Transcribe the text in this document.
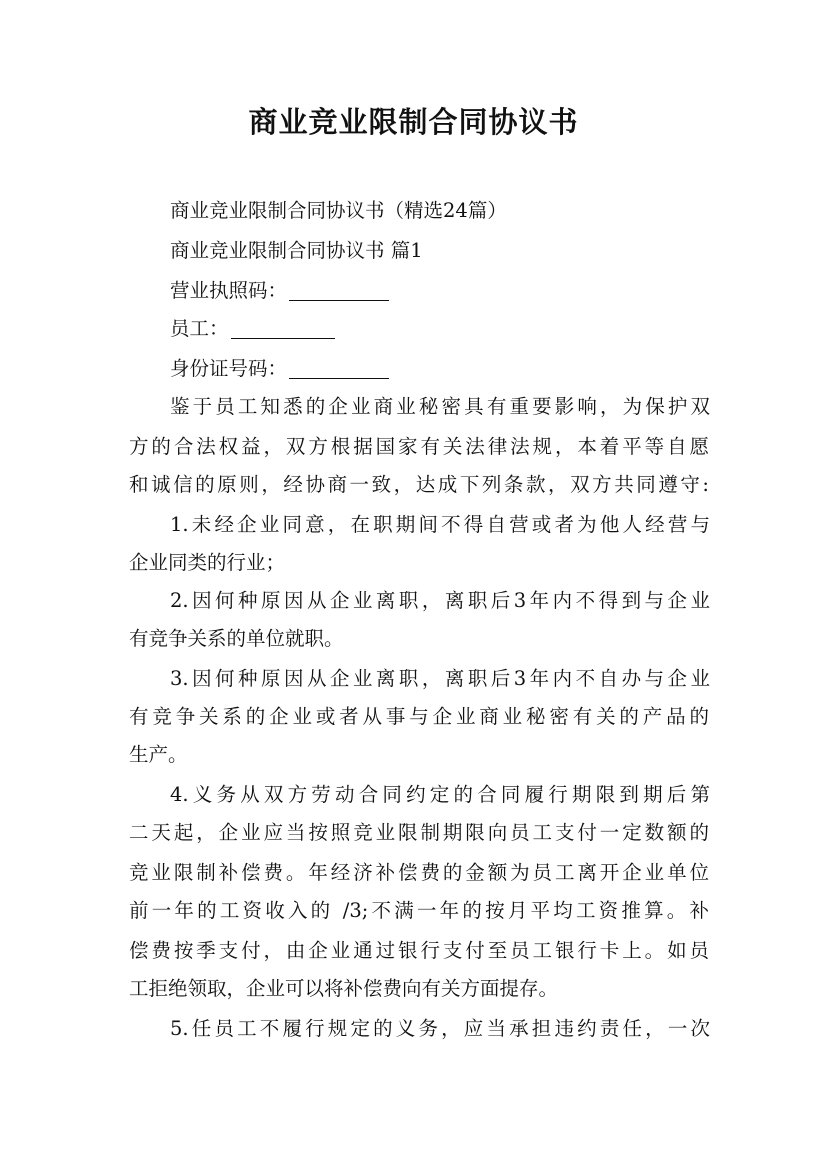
商业竞业限制合同协议书
商业竞业限制合同协议书（精选24篇）
商业竞业限制合同协议书 篇1
营业执照码：
员工：
身份证号码：
鉴于员工知悉的企业商业秘密具有重要影响，为保护双
方的合法权益，双方根据国家有关法律法规，本着平等自愿
和诚信的原则，经协商一致，达成下列条款，双方共同遵守:
1.未经企业同意，在职期间不得自营或者为他人经营与
企业同类的行业；
2.因何种原因从企业离职，离职后3年内不得到与企业
有竞争关系的单位就职。
3.因何种原因从企业离职，离职后3年内不自办与企业
有竞争关系的企业或者从事与企业商业秘密有关的产品的
生产。
4.义务从双方劳动合同约定的合同履行期限到期后第
二天起，企业应当按照竞业限制期限向员工支付一定数额的
竞业限制补偿费。年经济补偿费的金额为员工离开企业单位
前一年的工资收入的 /3;不满一年的按月平均工资推算。补
偿费按季支付，由企业通过银行支付至员工银行卡上。如员
工拒绝领取，企业可以将补偿费向有关方面提存。
5.任员工不履行规定的义务，应当承担违约责任，一次
